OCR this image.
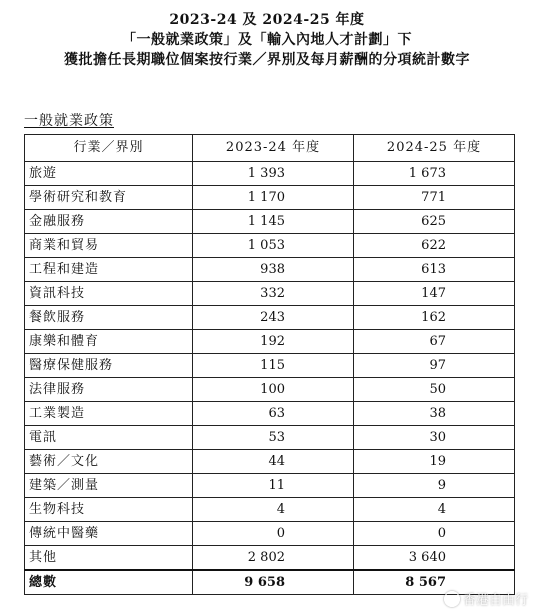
2023-24 及 2024-25 年度
「一般就業政策」及「輸入內地人才計劃」下
獲批擔任長期職位個案按行業／界別及每月薪酬的分項統計數字
一般就業政策
行業／界別	2023-24 年度	2024-25 年度
旅遊	1 393	1 673
學術研究和教育	1 170	771
金融服務	1 145	625
商業和貿易	1 053	622
工程和建造	938	613
資訊科技	332	147
餐飲服務	243	162
康樂和體育	192	67
醫療保健服務	115	97
法律服務	100	50
工業製造	63	38
電訊	53	30
藝術／文化	44	19
建築／測量	11	9
生物科技	4	4
傳統中醫藥	0	0
其他	2 802	3 640
總數	9 658	8 567
香港自由行
